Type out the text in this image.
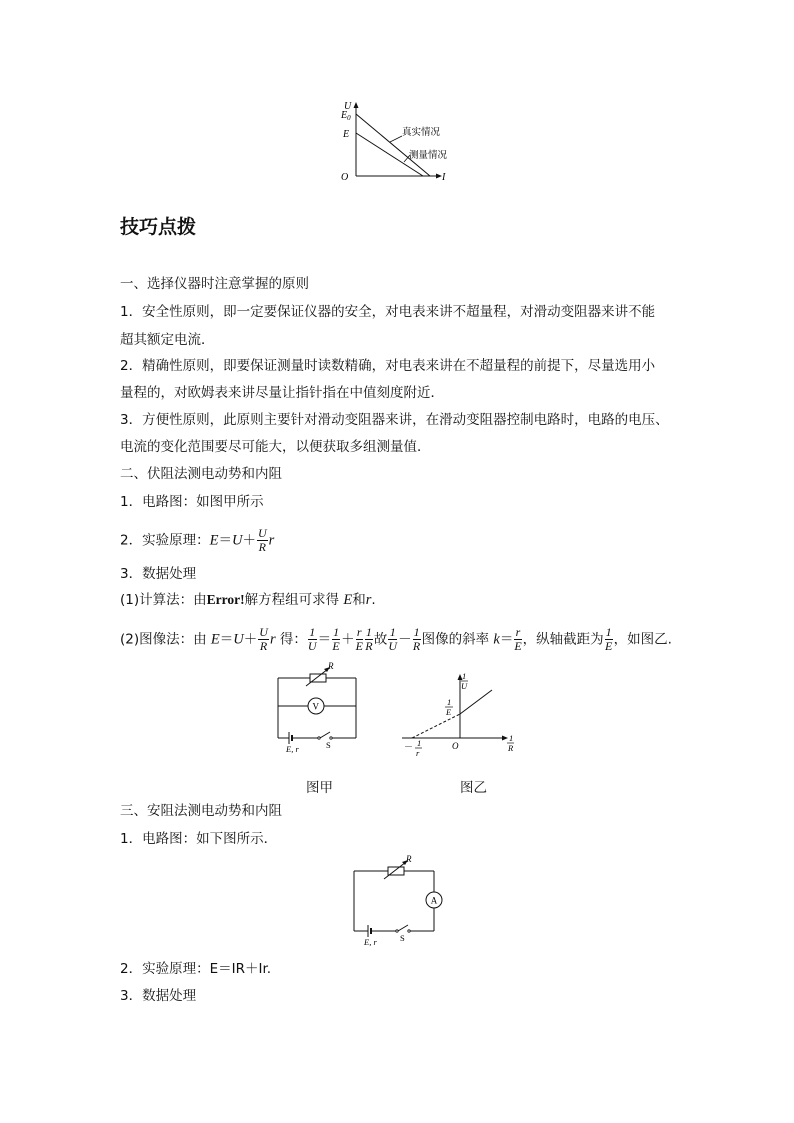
U
$E_0$
E
O	I
真实情况
测量情况
技巧点拨
一、选择仪器时注意掌握的原则
1．安全性原则，即一定要保证仪器的安全，对电表来讲不超量程，对滑动变阻器来讲不能
超其额定电流．
2．精确性原则，即要保证测量时读数精确，对电表来讲在不超量程的前提下，尽量选用小
量程的，对欧姆表来讲尽量让指针指在中值刻度附近．
3．方便性原则，此原则主要针对滑动变阻器来讲，在滑动变阻器控制电路时，电路的电压、
电流的变化范围要尽可能大，以便获取多组测量值．
二、伏阻法测电动势和内阻
1．电路图：如图甲所示
2．实验原理：$E=U+ \frac{U}{R}$ r
3．数据处理
(1)计算法：由Error!解方程组可求得 E和r.
(2)图像法：由 $E=U+ \frac{U}{R}$ r 得： $\frac{1}{U} = \frac{1}{E} + \frac{r}{E} \frac{1}{R}$ 故 $\frac{1}{U} - \frac{1}{R}$ 图像的斜率 $k= \frac{r}{E}$ ，纵轴截距为 $\frac{1}{E}$ ，如图乙.
R
V
E, r	S
1
U
1
E
O
1
R
－ 1
r
图甲	图乙
三、安阻法测电动势和内阻
1．电路图：如下图所示．
R
A
E, r	S
2．实验原理：E＝IR＋Ir.
3．数据处理
